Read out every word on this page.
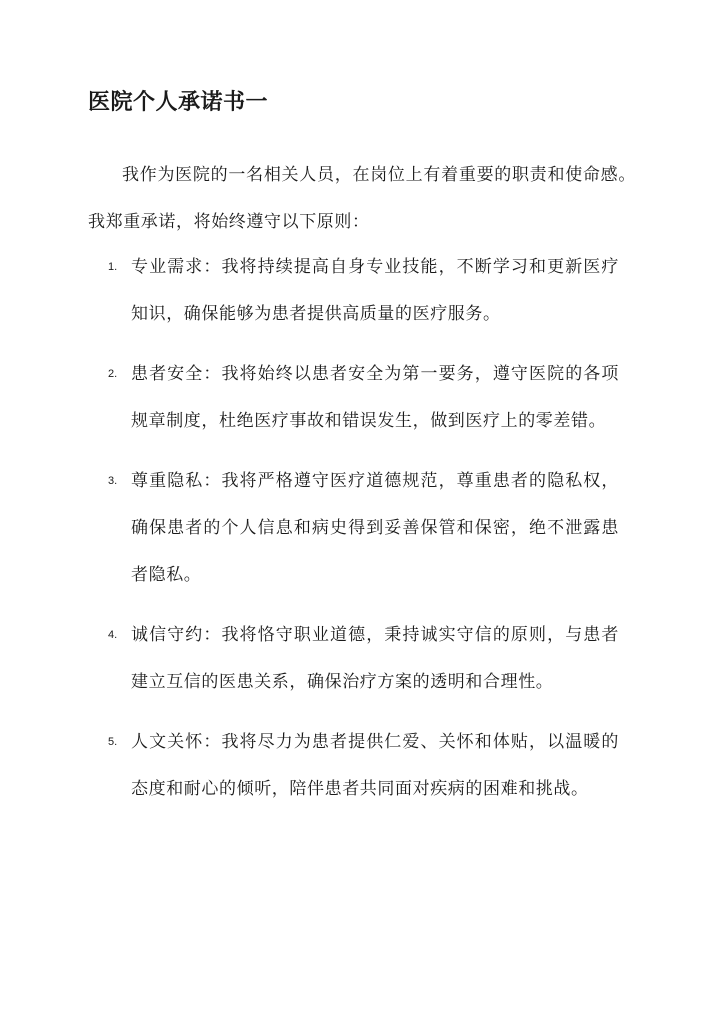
医院个人承诺书一

我作为医院的一名相关人员，在岗位上有着重要的职责和使命感。我郑重承诺，将始终遵守以下原则：

1. 专业需求：我将持续提高自身专业技能，不断学习和更新医疗知识，确保能够为患者提供高质量的医疗服务。
2. 患者安全：我将始终以患者安全为第一要务，遵守医院的各项规章制度，杜绝医疗事故和错误发生，做到医疗上的零差错。
3. 尊重隐私：我将严格遵守医疗道德规范，尊重患者的隐私权，确保患者的个人信息和病史得到妥善保管和保密，绝不泄露患者隐私。
4. 诚信守约：我将恪守职业道德，秉持诚实守信的原则，与患者建立互信的医患关系，确保治疗方案的透明和合理性。
5. 人文关怀：我将尽力为患者提供仁爱、关怀和体贴，以温暖的态度和耐心的倾听，陪伴患者共同面对疾病的困难和挑战。
